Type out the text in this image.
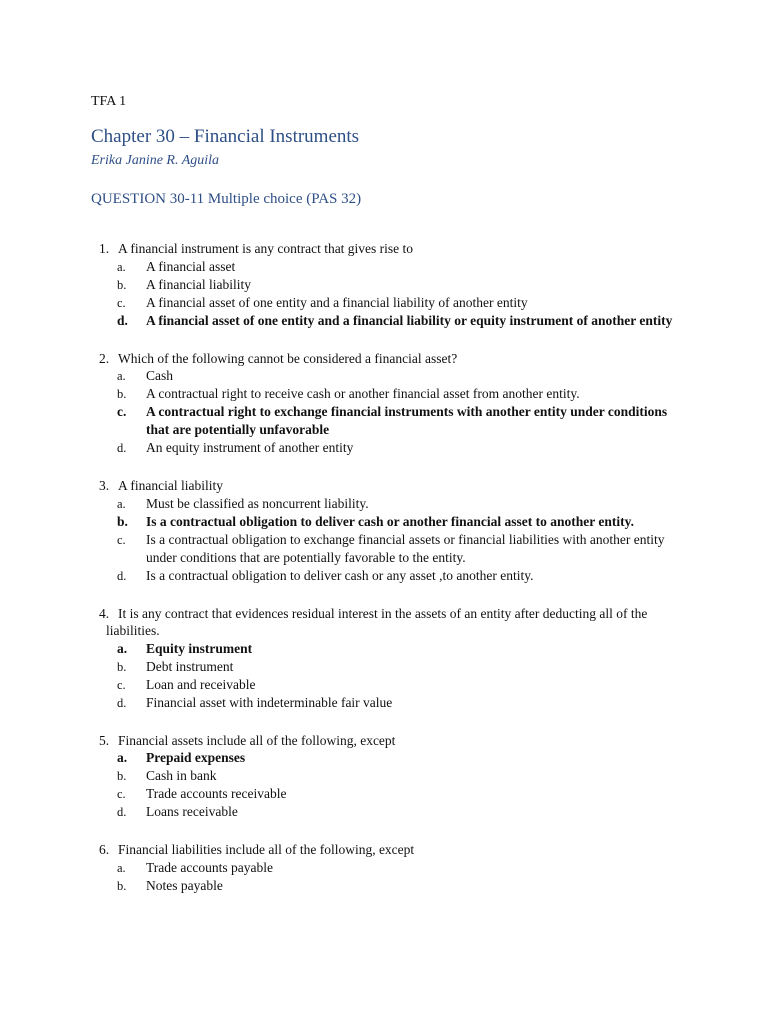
TFA 1
Chapter 30 – Financial Instruments
Erika Janine R. Aguila
QUESTION 30-11 Multiple choice (PAS 32)
1. A financial instrument is any contract that gives rise to
a. A financial asset
b. A financial liability
c. A financial asset of one entity and a financial liability of another entity
d. A financial asset of one entity and a financial liability or equity instrument of another entity
2. Which of the following cannot be considered a financial asset?
a. Cash
b. A contractual right to receive cash or another financial asset from another entity.
c. A contractual right to exchange financial instruments with another entity under conditions that are potentially unfavorable
d. An equity instrument of another entity
3. A financial liability
a. Must be classified as noncurrent liability.
b. Is a contractual obligation to deliver cash or another financial asset to another entity.
c. Is a contractual obligation to exchange financial assets or financial liabilities with another entity under conditions that are potentially favorable to the entity.
d. Is a contractual obligation to deliver cash or any asset ,to another entity.
4. It is any contract that evidences residual interest in the assets of an entity after deducting all of the liabilities.
a. Equity instrument
b. Debt instrument
c. Loan and receivable
d. Financial asset with indeterminable fair value
5. Financial assets include all of the following, except
a. Prepaid expenses
b. Cash in bank
c. Trade accounts receivable
d. Loans receivable
6. Financial liabilities include all of the following, except
a. Trade accounts payable
b. Notes payable
